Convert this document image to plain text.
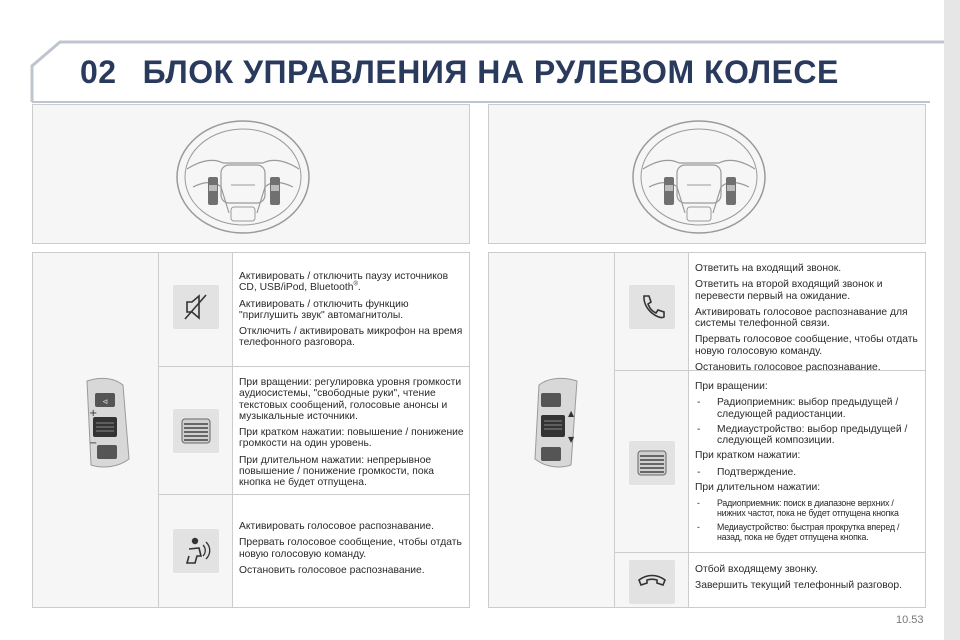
02 БЛОК УПРАВЛЕНИЯ НА РУЛЕВОМ КОЛЕСЕ
◃
+
−

Активировать / отключить паузу источников CD, USB/iPod, Bluetooth®.

Активировать / отключить функцию "приглушить звук" автомагнитолы.

Отключить / активировать микрофон на время телефонного разговора.

При вращении: регулировка уровня громкости аудиосистемы, "свободные руки", чтение текстовых сообщений, голосовые анонсы и музыкальные источники.

При кратком нажатии: повышение / понижение громкости на один уровень.

При длительном нажатии: непрерывное повышение / понижение громкости, пока кнопка не будет отпущена.

Активировать голосовое распознавание.

Прервать голосовое сообщение, чтобы отдать новую голосовую команду.

Остановить голосовое распознавание.

▲
▼

Ответить на входящий звонок.

Ответить на второй входящий звонок и перевести первый на ожидание.

Активировать голосовое распознавание для системы телефонной связи.

Прервать голосовое сообщение, чтобы отдать новую голосовую команду.

Остановить голосовое распознавание.

При вращении:

- Радиоприемник: выбор предыдущей / следующей радиостанции.
- Медиаустройство: выбор предыдущей / следующей композиции.

При кратком нажатии:

- Подтверждение.

При длительном нажатии:

- Радиоприемник: поиск в диапазоне верхних / нижних частот, пока не будет отпущена кнопка
- Медиаустройство: быстрая прокрутка вперед / назад, пока не будет отпущена кнопка.

Отбой входящему звонку.

Завершить текущий телефонный разговор.

10.53
